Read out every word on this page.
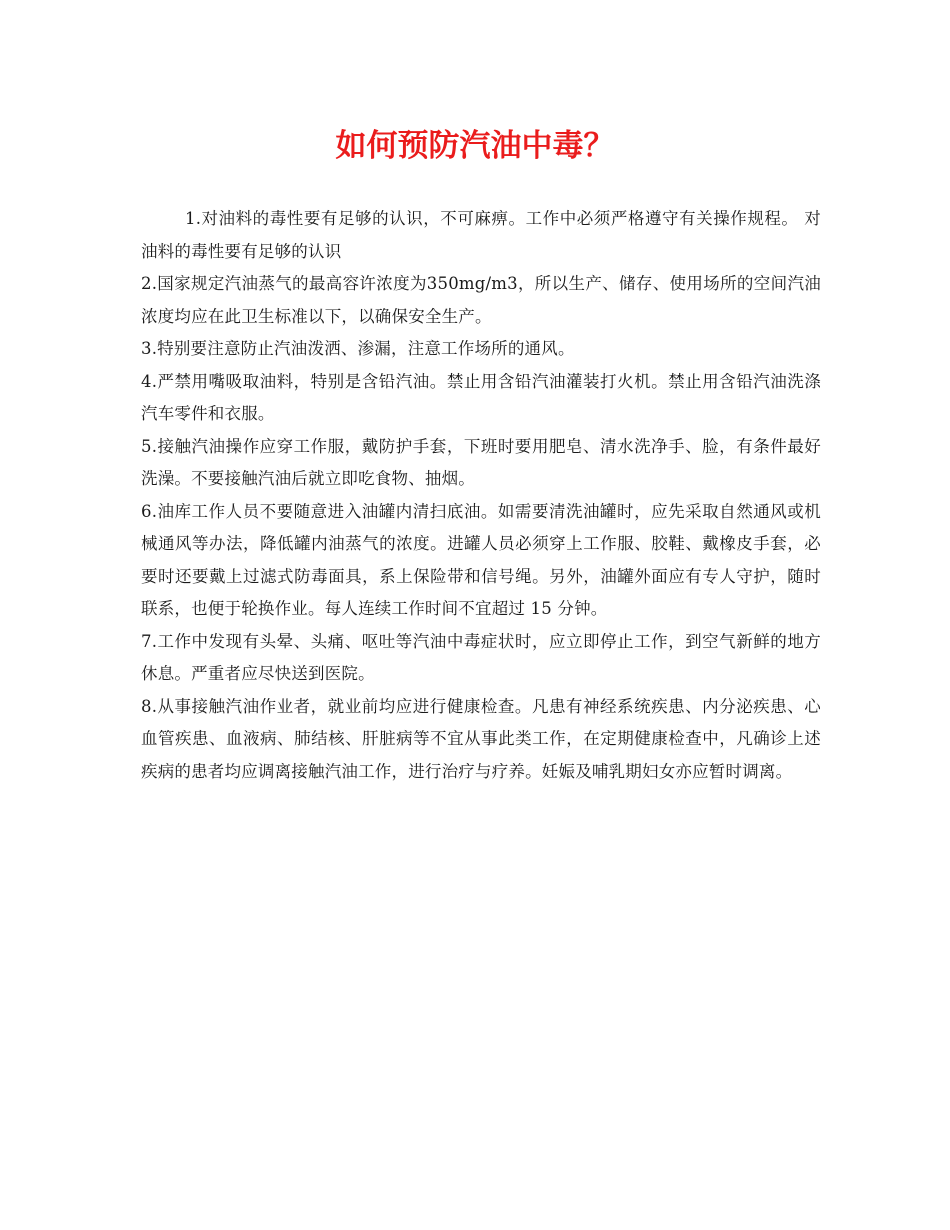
如何预防汽油中毒？

1.对油料的毒性要有足够的认识，不可麻痹。工作中必须严格遵守有关操作规程。 对油料的毒性要有足够的认识

2.国家规定汽油蒸气的最高容许浓度为350mg/m3，所以生产、储存、使用场所的空间汽油浓度均应在此卫生标准以下，以确保安全生产。

3.特别要注意防止汽油泼洒、渗漏，注意工作场所的通风。

4.严禁用嘴吸取油料，特别是含铅汽油。禁止用含铅汽油灌装打火机。禁止用含铅汽油洗涤汽车零件和衣服。

5.接触汽油操作应穿工作服，戴防护手套，下班时要用肥皂、清水洗净手、脸，有条件最好洗澡。不要接触汽油后就立即吃食物、抽烟。

6.油库工作人员不要随意进入油罐内清扫底油。如需要清洗油罐时，应先采取自然通风或机械通风等办法，降低罐内油蒸气的浓度。进罐人员必须穿上工作服、胶鞋、戴橡皮手套，必要时还要戴上过滤式防毒面具，系上保险带和信号绳。另外，油罐外面应有专人守护，随时联系，也便于轮换作业。每人连续工作时间不宜超过 15 分钟。

7.工作中发现有头晕、头痛、呕吐等汽油中毒症状时，应立即停止工作，到空气新鲜的地方休息。严重者应尽快送到医院。

8.从事接触汽油作业者，就业前均应进行健康检查。凡患有神经系统疾患、内分泌疾患、心血管疾患、血液病、肺结核、肝脏病等不宜从事此类工作，在定期健康检查中，凡确诊上述疾病的患者均应调离接触汽油工作，进行治疗与疗养。妊娠及哺乳期妇女亦应暂时调离。
